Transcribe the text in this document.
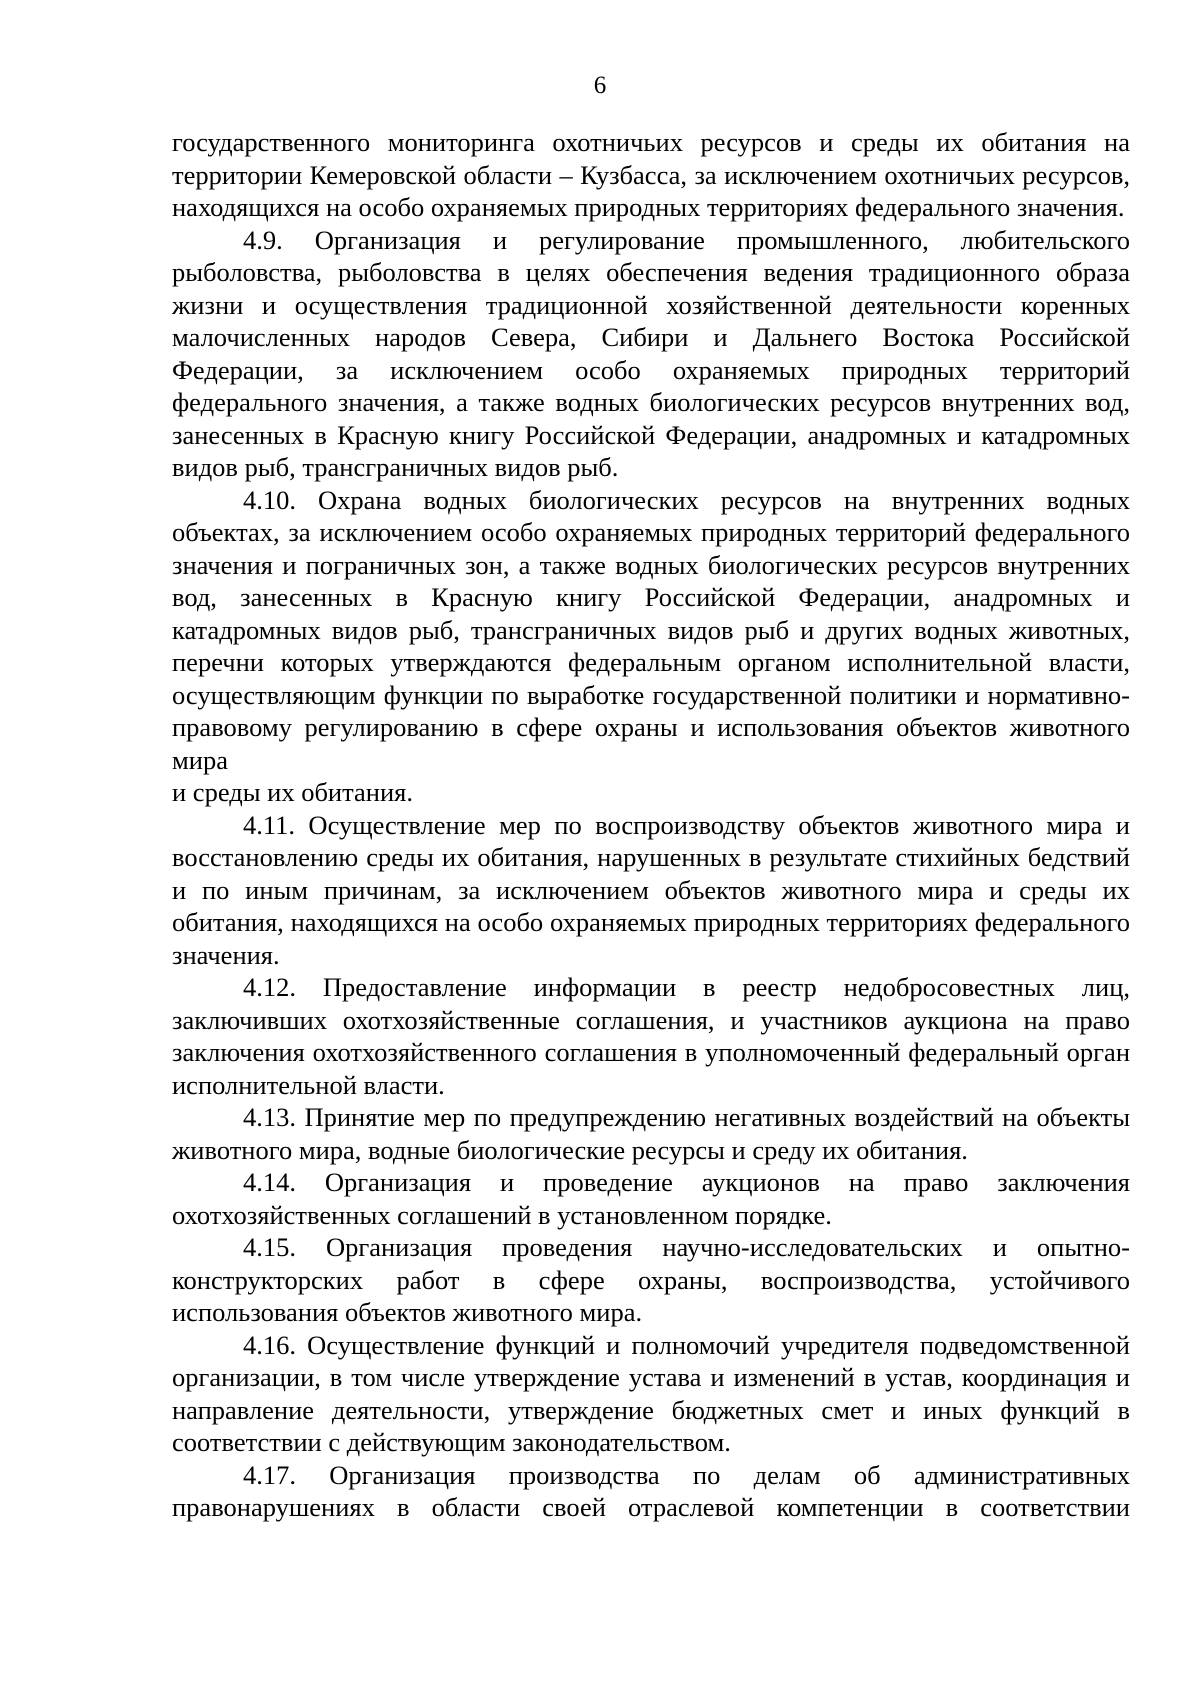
6

государственного мониторинга охотничьих ресурсов и среды их обитания на территории Кемеровской области – Кузбасса, за исключением охотничьих ресурсов, находящихся на особо охраняемых природных территориях федерального значения.

4.9. Организация и регулирование промышленного, любительского рыболовства, рыболовства в целях обеспечения ведения традиционного образа жизни и осуществления традиционной хозяйственной деятельности коренных малочисленных народов Севера, Сибири и Дальнего Востока Российской Федерации, за исключением особо охраняемых природных территорий федерального значения, а также водных биологических ресурсов внутренних вод, занесенных в Красную книгу Российской Федерации, анадромных и катадромных видов рыб, трансграничных видов рыб.

4.10. Охрана водных биологических ресурсов на внутренних водных объектах, за исключением особо охраняемых природных территорий федерального значения и пограничных зон, а также водных биологических ресурсов внутренних вод, занесенных в Красную книгу Российской Федерации, анадромных и катадромных видов рыб, трансграничных видов рыб и других водных животных, перечни которых утверждаются федеральным органом исполнительной власти, осуществляющим функции по выработке государственной политики и нормативно-правовому регулированию в сфере охраны и использования объектов животного мира

и среды их обитания.

4.11. Осуществление мер по воспроизводству объектов животного мира и восстановлению среды их обитания, нарушенных в результате стихийных бедствий и по иным причинам, за исключением объектов животного мира и среды их обитания, находящихся на особо охраняемых природных территориях федерального значения.

4.12. Предоставление информации в реестр недобросовестных лиц, заключивших охотхозяйственные соглашения, и участников аукциона на право заключения охотхозяйственного соглашения в уполномоченный федеральный орган исполнительной власти.

4.13. Принятие мер по предупреждению негативных воздействий на объекты животного мира, водные биологические ресурсы и среду их обитания.

4.14. Организация и проведение аукционов на право заключения охотхозяйственных соглашений в установленном порядке.

4.15. Организация проведения научно-исследовательских и опытно-конструкторских работ в сфере охраны, воспроизводства, устойчивого использования объектов животного мира.

4.16. Осуществление функций и полномочий учредителя подведомственной организации, в том числе утверждение устава и изменений в устав, координация и направление деятельности, утверждение бюджетных смет и иных функций в соответствии с действующим законодательством.

4.17. Организация производства по делам об административных правонарушениях в области своей отраслевой компетенции в соответствии
